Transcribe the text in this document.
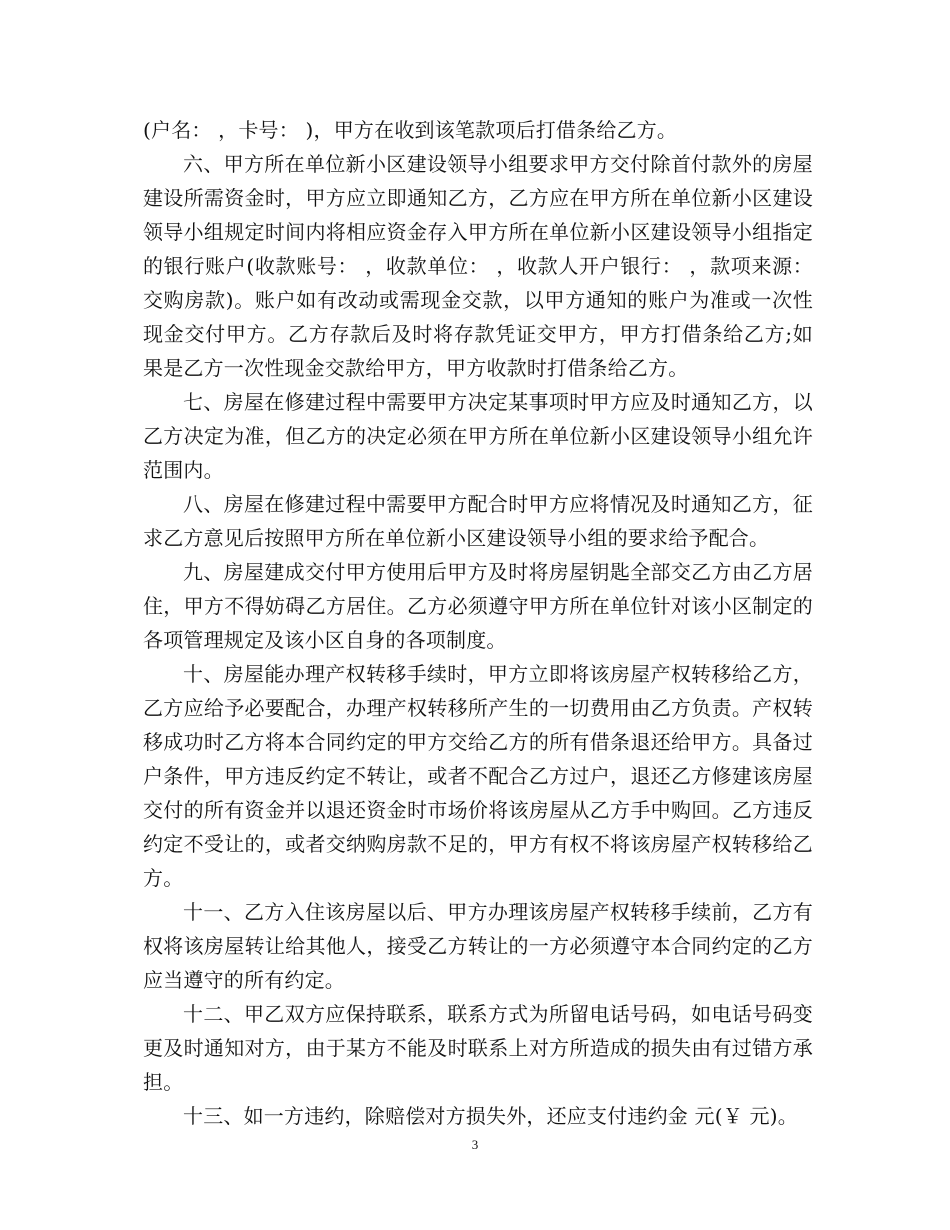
(户名： ，卡号： )，甲方在收到该笔款项后打借条给乙方。

六、甲方所在单位新小区建设领导小组要求甲方交付除首付款外的房屋建设所需资金时，甲方应立即通知乙方，乙方应在甲方所在单位新小区建设领导小组规定时间内将相应资金存入甲方所在单位新小区建设领导小组指定的银行账户(收款账号： ，收款单位： ，收款人开户银行： ，款项来源： 交购房款)。账户如有改动或需现金交款，以甲方通知的账户为准或一次性现金交付甲方。乙方存款后及时将存款凭证交甲方，甲方打借条给乙方;如果是乙方一次性现金交款给甲方，甲方收款时打借条给乙方。

七、房屋在修建过程中需要甲方决定某事项时甲方应及时通知乙方，以乙方决定为准，但乙方的决定必须在甲方所在单位新小区建设领导小组允许范围内。

八、房屋在修建过程中需要甲方配合时甲方应将情况及时通知乙方，征求乙方意见后按照甲方所在单位新小区建设领导小组的要求给予配合。

九、房屋建成交付甲方使用后甲方及时将房屋钥匙全部交乙方由乙方居住，甲方不得妨碍乙方居住。乙方必须遵守甲方所在单位针对该小区制定的各项管理规定及该小区自身的各项制度。

十、房屋能办理产权转移手续时，甲方立即将该房屋产权转移给乙方，乙方应给予必要配合，办理产权转移所产生的一切费用由乙方负责。产权转移成功时乙方将本合同约定的甲方交给乙方的所有借条退还给甲方。具备过户条件，甲方违反约定不转让，或者不配合乙方过户，退还乙方修建该房屋交付的所有资金并以退还资金时市场价将该房屋从乙方手中购回。乙方违反约定不受让的，或者交纳购房款不足的，甲方有权不将该房屋产权转移给乙方。

十一、乙方入住该房屋以后、甲方办理该房屋产权转移手续前，乙方有权将该房屋转让给其他人，接受乙方转让的一方必须遵守本合同约定的乙方应当遵守的所有约定。

十二、甲乙双方应保持联系，联系方式为所留电话号码，如电话号码变更及时通知对方，由于某方不能及时联系上对方所造成的损失由有过错方承担。

十三、如一方违约，除赔偿对方损失外，还应支付违约金 元(￥ 元)。

3
